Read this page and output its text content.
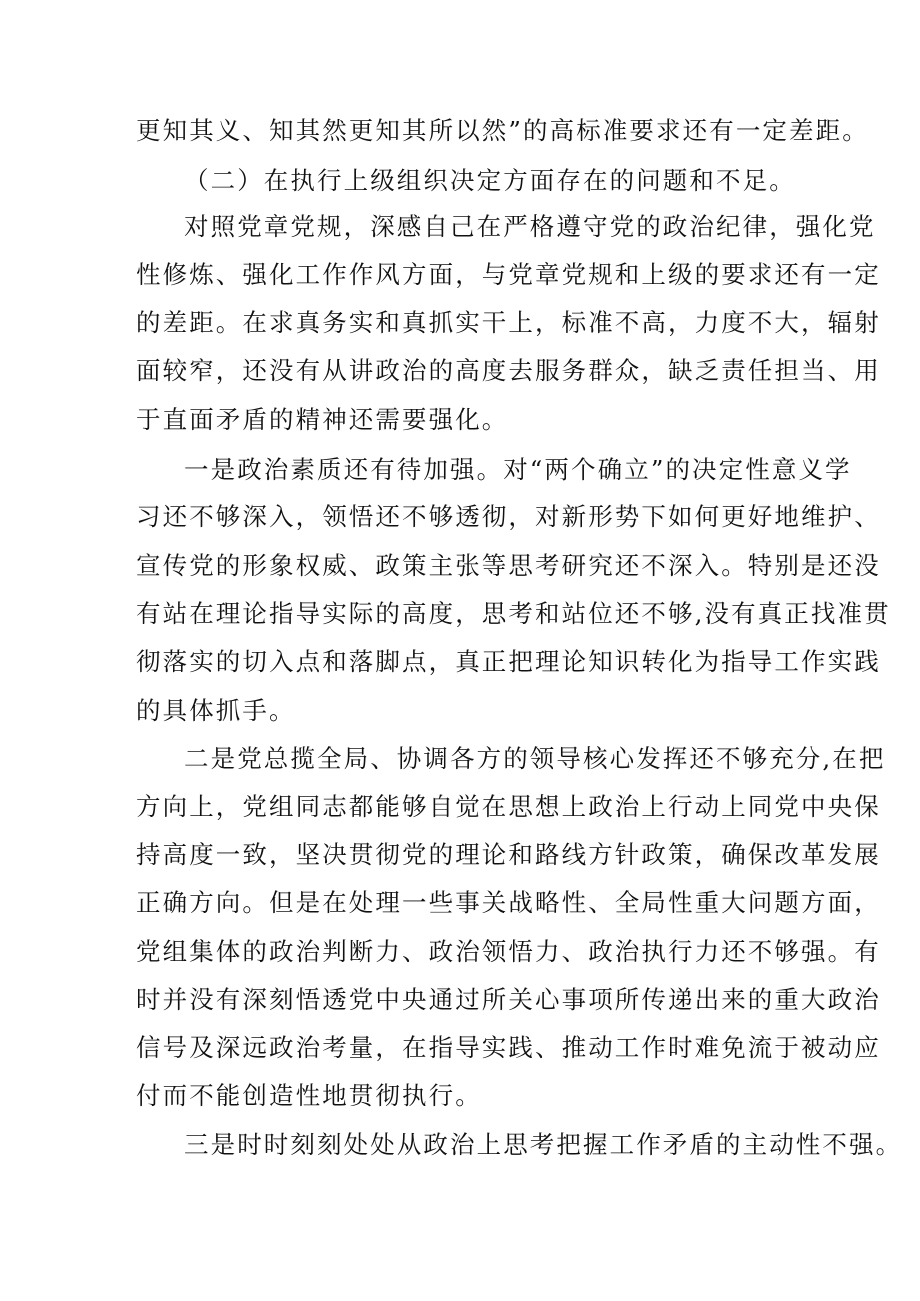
更知其义、知其然更知其所以然”的高标准要求还有一定差距。
（二）在执行上级组织决定方面存在的问题和不足。
对照党章党规，深感自己在严格遵守党的政治纪律，强化党
性修炼、强化工作作风方面，与党章党规和上级的要求还有一定
的差距。在求真务实和真抓实干上，标准不高，力度不大，辐射
面较窄，还没有从讲政治的高度去服务群众，缺乏责任担当、用
于直面矛盾的精神还需要强化。
一是政治素质还有待加强。对“两个确立”的决定性意义学
习还不够深入，领悟还不够透彻，对新形势下如何更好地维护、
宣传党的形象权威、政策主张等思考研究还不深入。特别是还没
有站在理论指导实际的高度，思考和站位还不够,没有真正找准贯
彻落实的切入点和落脚点，真正把理论知识转化为指导工作实践
的具体抓手。
二是党总揽全局、协调各方的领导核心发挥还不够充分,在把
方向上，党组同志都能够自觉在思想上政治上行动上同党中央保
持高度一致，坚决贯彻党的理论和路线方针政策，确保改革发展
正确方向。但是在处理一些事关战略性、全局性重大问题方面，
党组集体的政治判断力、政治领悟力、政治执行力还不够强。有
时并没有深刻悟透党中央通过所关心事项所传递出来的重大政治
信号及深远政治考量，在指导实践、推动工作时难免流于被动应
付而不能创造性地贯彻执行。
三是时时刻刻处处从政治上思考把握工作矛盾的主动性不强。
